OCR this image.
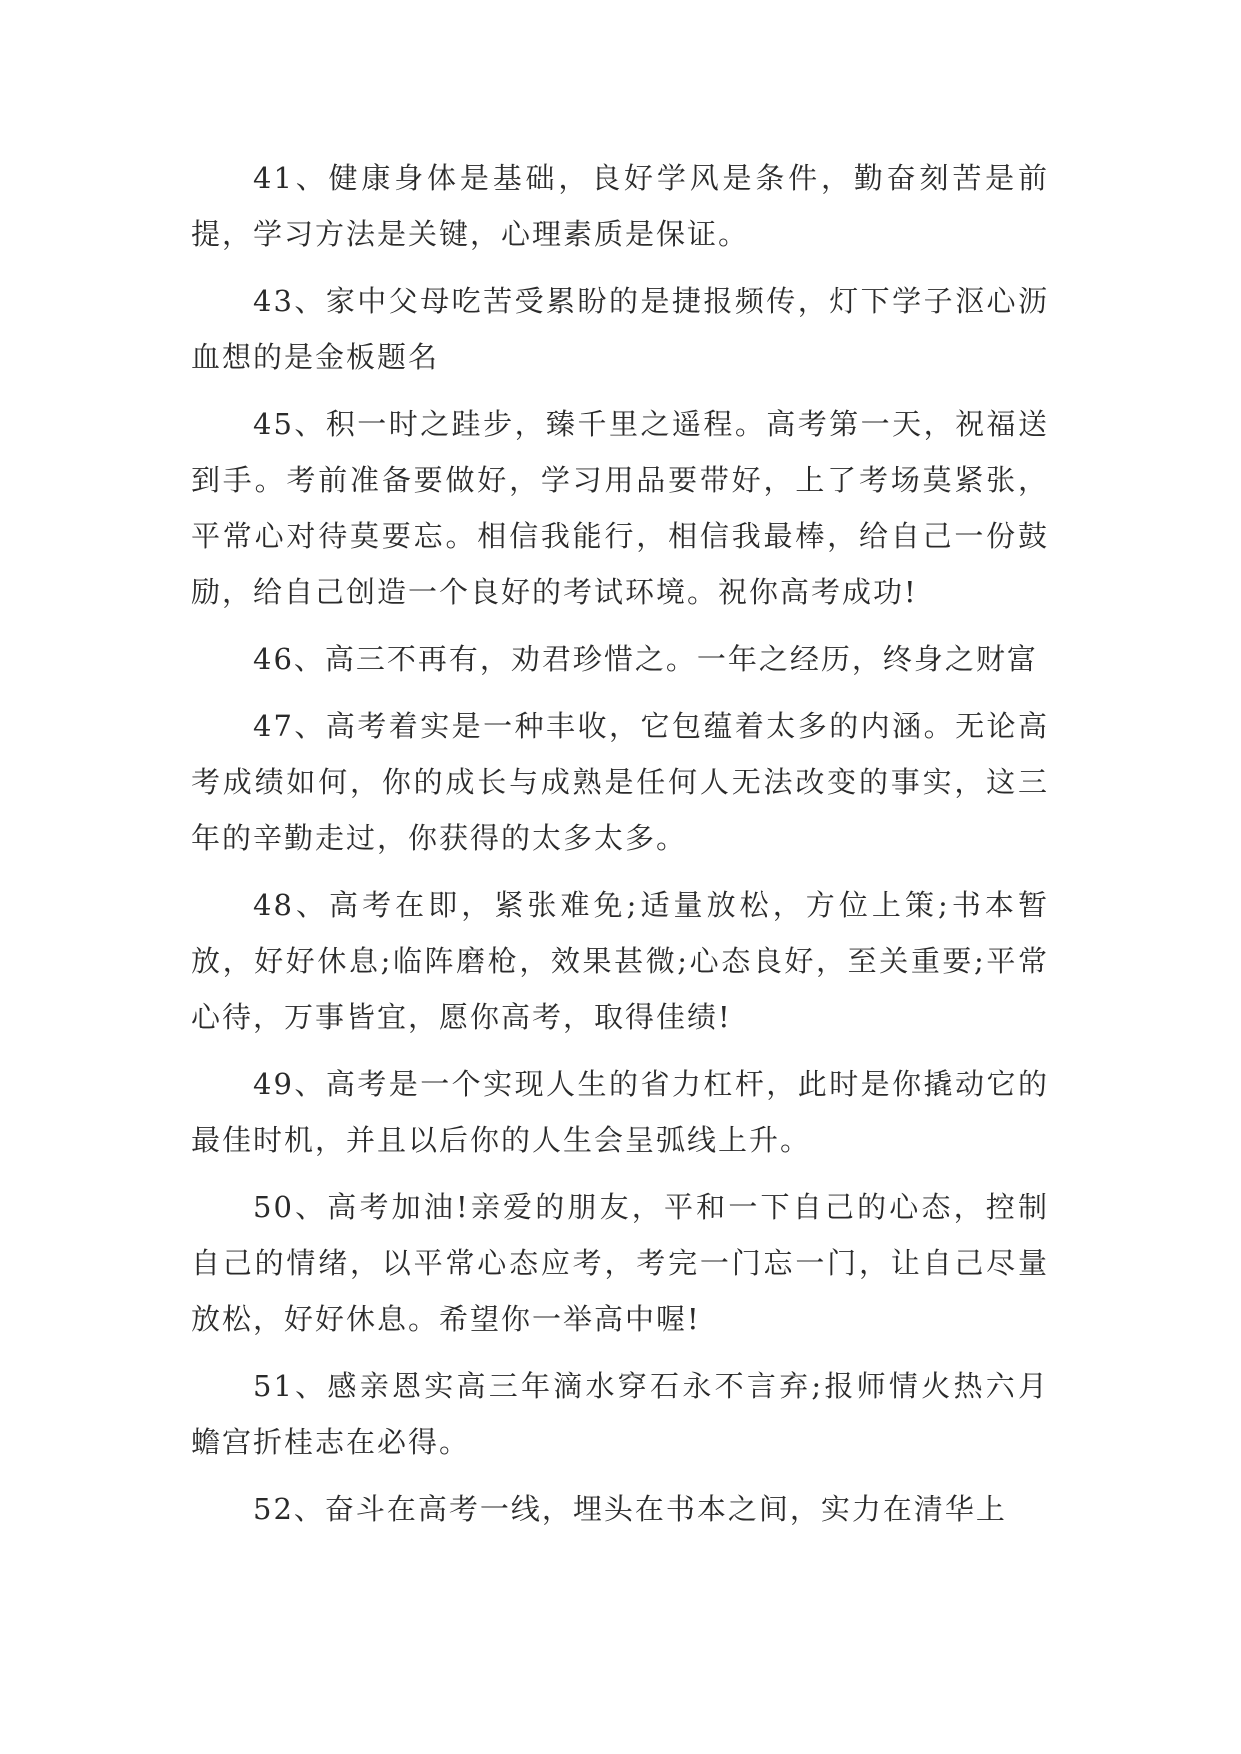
41、健康身体是基础，良好学风是条件，勤奋刻苦是前提，学习方法是关键，心理素质是保证。

43、家中父母吃苦受累盼的是捷报频传，灯下学子沤心沥血想的是金板题名

45、积一时之跬步，臻千里之遥程。高考第一天，祝福送到手。考前准备要做好，学习用品要带好，上了考场莫紧张，平常心对待莫要忘。相信我能行，相信我最棒，给自己一份鼓励，给自己创造一个良好的考试环境。祝你高考成功!

46、高三不再有，劝君珍惜之。一年之经历，终身之财富

47、高考着实是一种丰收，它包蕴着太多的内涵。无论高考成绩如何，你的成长与成熟是任何人无法改变的事实，这三年的辛勤走过，你获得的太多太多。

48、高考在即，紧张难免;适量放松，方位上策;书本暂放，好好休息;临阵磨枪，效果甚微;心态良好，至关重要;平常心待，万事皆宜，愿你高考，取得佳绩!

49、高考是一个实现人生的省力杠杆，此时是你撬动它的最佳时机，并且以后你的人生会呈弧线上升。

50、高考加油!亲爱的朋友，平和一下自己的心态，控制自己的情绪，以平常心态应考，考完一门忘一门，让自己尽量放松，好好休息。希望你一举高中喔!

51、感亲恩实高三年滴水穿石永不言弃;报师情火热六月蟾宫折桂志在必得。

52、奋斗在高考一线，埋头在书本之间，实力在清华上
